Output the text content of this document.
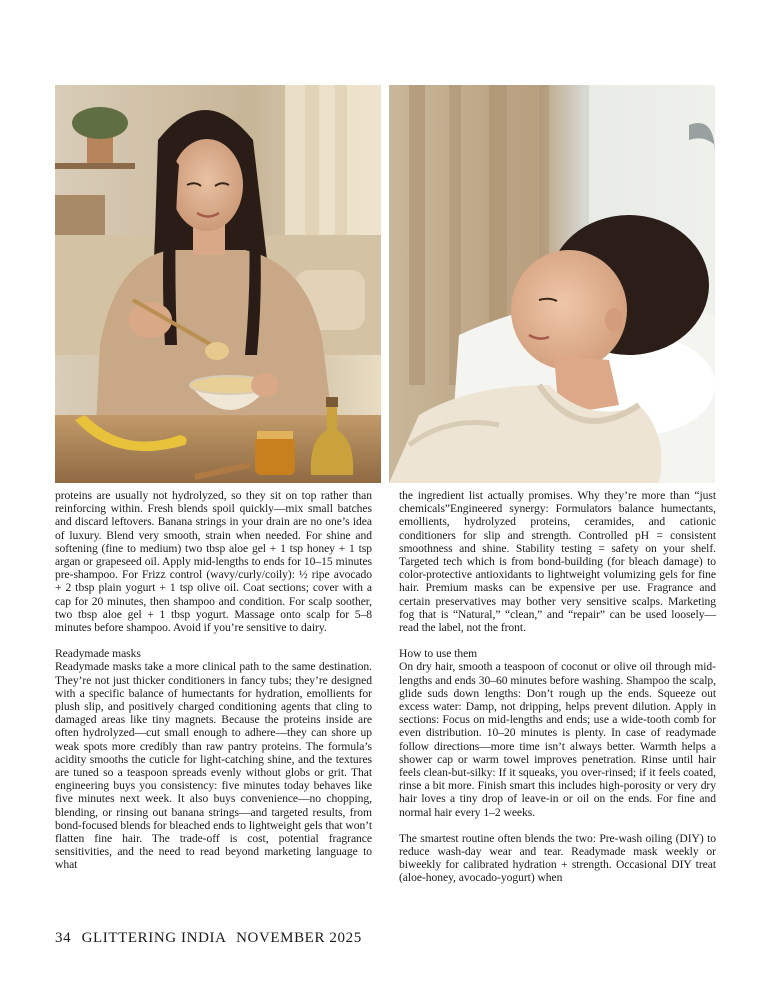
proteins are usually not hydrolyzed, so they sit on top rather than reinforcing within. Fresh blends spoil quickly—mix small batches and discard leftovers. Banana strings in your drain are no one’s idea of luxury. Blend very smooth, strain when needed. For shine and softening (fine to medium) two tbsp aloe gel + 1 tsp honey + 1 tsp argan or grapeseed oil. Apply mid-lengths to ends for 10–15 minutes pre-shampoo. For Frizz control (wavy/curly/coily): ½ ripe avocado + 2 tbsp plain yogurt + 1 tsp olive oil. Coat sections; cover with a cap for 20 minutes, then shampoo and condition. For scalp soother, two tbsp aloe gel + 1 tbsp yogurt. Massage onto scalp for 5–8 minutes before shampoo. Avoid if you’re sensitive to dairy.

Readymade masks

Readymade masks take a more clinical path to the same destination. They’re not just thicker conditioners in fancy tubs; they’re designed with a specific balance of humectants for hydration, emollients for plush slip, and positively charged conditioning agents that cling to damaged areas like tiny magnets. Because the proteins inside are often hydrolyzed—cut small enough to adhere—they can shore up weak spots more credibly than raw pantry proteins. The formula’s acidity smooths the cuticle for light-catching shine, and the textures are tuned so a teaspoon spreads evenly without globs or grit. That engineering buys you consistency: five minutes today behaves like five minutes next week. It also buys convenience—no chopping, blending, or rinsing out banana strings—and targeted results, from bond-focused blends for bleached ends to lightweight gels that won’t flatten fine hair. The trade-off is cost, potential fragrance sensitivities, and the need to read beyond marketing language to what

the ingredient list actually promises. Why they’re more than “just chemicals”Engineered synergy: Formulators balance humectants, emollients, hydrolyzed proteins, ceramides, and cationic conditioners for slip and strength. Controlled pH = consistent smoothness and shine. Stability testing = safety on your shelf. Targeted tech which is from bond-building (for bleach damage) to color-protective antioxidants to lightweight volumizing gels for fine hair. Premium masks can be expensive per use. Fragrance and certain preservatives may bother very sensitive scalps. Marketing fog that is “Natural,” “clean,” and “repair” can be used loosely—read the label, not the front.

How to use them

On dry hair, smooth a teaspoon of coconut or olive oil through mid-lengths and ends 30–60 minutes before washing. Shampoo the scalp, glide suds down lengths: Don’t rough up the ends. Squeeze out excess water: Damp, not dripping, helps prevent dilution. Apply in sections: Focus on mid-lengths and ends; use a wide-tooth comb for even distribution. 10–20 minutes is plenty. In case of readymade follow directions—more time isn’t always better. Warmth helps a shower cap or warm towel improves penetration. Rinse until hair feels clean-but-silky: If it squeaks, you over-rinsed; if it feels coated, rinse a bit more. Finish smart this includes high-porosity or very dry hair loves a tiny drop of leave-in or oil on the ends. For fine and normal hair every 1–2 weeks.

The smartest routine often blends the two: Pre-wash oiling (DIY) to reduce wash-day wear and tear. Readymade mask weekly or biweekly for calibrated hydration + strength. Occasional DIY treat (aloe-honey, avocado-yogurt) when

34 GLITTERING INDIA NOVEMBER 2025
